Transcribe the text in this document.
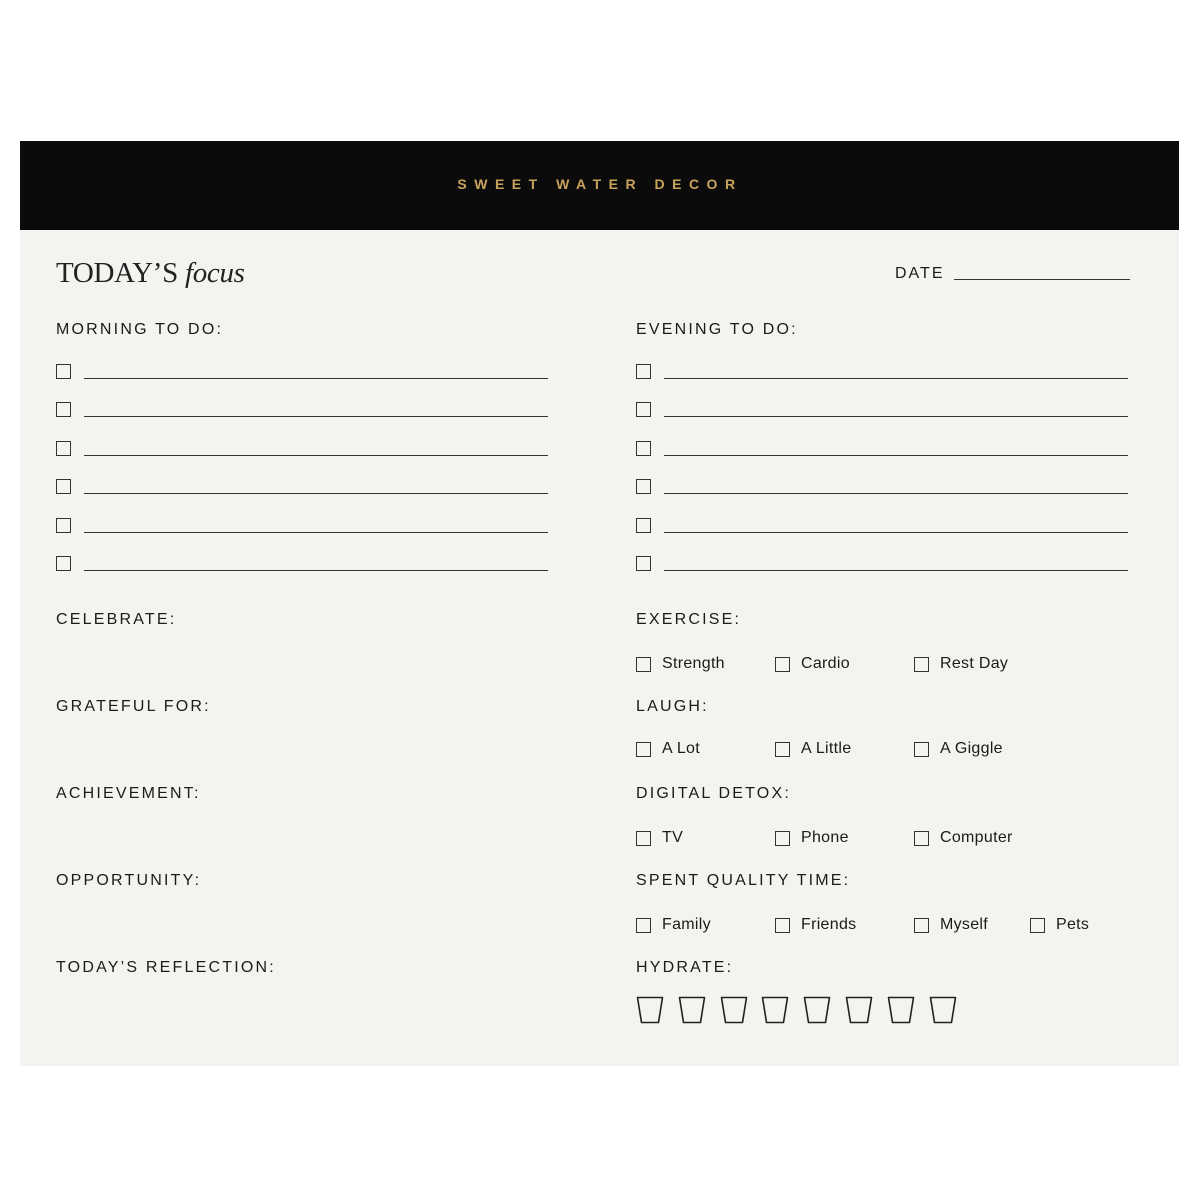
SWEET WATER DECOR
TODAY’S focus	DATE
MORNING TO DO:	EVENING TO DO:
CELEBRATE:
GRATEFUL FOR:
ACHIEVEMENT:
OPPORTUNITY:
TODAY’S REFLECTION:
EXERCISE:
Strength	Cardio	Rest Day
LAUGH:
A Lot	A Little	A Giggle
DIGITAL DETOX:
TV	Phone	Computer
SPENT QUALITY TIME:
Family	Friends	Myself	Pets
HYDRATE:
